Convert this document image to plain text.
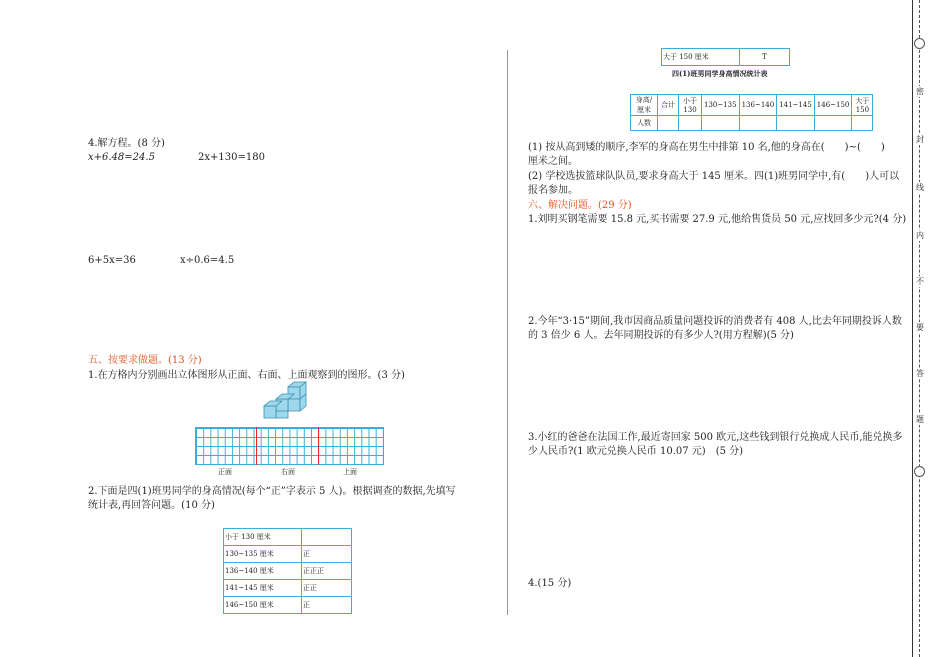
4.解方程。(8 分)
x+6.48=24.5	2x+130=180
6+5x=36	x÷0.6=4.5
五、按要求做题。(13 分)
1.在方格内分别画出立体图形从正面、右面、上面观察到的图形。(3 分)
正面	右面	上面
2.下面是四(1)班男同学的身高情况(每个“正”字表示 5 人)。根据调查的数据,先填写
统计表,再回答问题。(10 分)
小于 130 厘米	
130~135 厘米	正
136~140 厘米	正正正
141~145 厘米	正正
146~150 厘米	正
大于 150 厘米	T
四(1)班男同学身高情况统计表
身高/厘米	合计	小于 130	130~135	136~140	141~145	146~150	大于 150

人数							
(1) 按从高到矮的顺序,李军的身高在男生中排第 10 名,他的身高在(　　)~(　　)
厘米之间。
(2) 学校选拔篮球队队员,要求身高大于 145 厘米。四(1)班男同学中,有(　　)人可以
报名参加。
六、解决问题。(29 分)
1.刘明买钢笔需要 15.8 元,买书需要 27.9 元,他给售货员 50 元,应找回多少元?(4 分)
2.今年“3·15”期间,我市因商品质量问题投诉的消费者有 408 人,比去年同期投诉人数
的 3 倍少 6 人。去年同期投诉的有多少人?(用方程解)(5 分)
3.小红的爸爸在法国工作,最近寄回家 500 欧元,这些钱到银行兑换成人民币,能兑换多
少人民币?(1 欧元兑换人民币 10.07 元)　(5 分)
4.(15 分)
密
封
线
内
不
要
答
题
